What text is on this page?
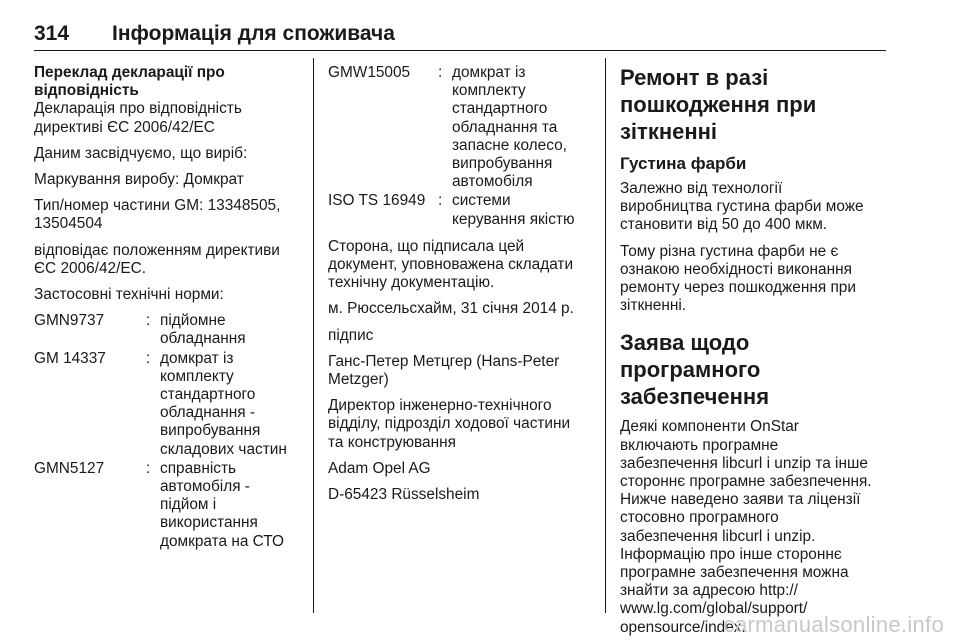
314 Інформація для споживача
Переклад декларації про
відповідність
Декларація про відповідність
директиві ЄС 2006/42/EC
Даним засвідчуємо, що виріб:
Маркування виробу: Домкрат
Тип/номер частини GM: 13348505,
13504504
відповідає положенням директиви
ЄС 2006/42/EC.
Застосовні технічні норми:
GMN9737	: підйомне
обладнання
GM 14337	: домкрат із
комплекту
стандартного
обладнання -
випробування
складових частин
GMN5127	: справність
автомобіля -
підйом і
використання
домкрата на СТО
GMW15005	: домкрат із
комплекту
стандартного
обладнання та
запасне колесо,
випробування
автомобіля
ISO TS 16949 : системи
керування якістю
Сторона, що підписала цей
документ, уповноважена складати
технічну документацію.
м. Рюссельсхайм, 31 січня 2014 р.
підпис
Ганс-Петер Метцгер (Hans-Peter
Metzger)
Директор інженерно-технічного
відділу, підрозділ ходової частини
та конструювання
Adam Opel AG
D-65423 Rüsselsheim
Ремонт в разі
пошкодження при
зіткненні
Густина фарби
Залежно від технології
виробництва густина фарби може
становити від 50 до 400 мкм.
Тому різна густина фарби не є
ознакою необхідності виконання
ремонту через пошкодження при
зіткненні.
Заява щодо програмного
забезпечення
Деякі компоненти OnStar
включають програмне
забезпечення libcurl і unzip та інше
стороннє програмне забезпечення.
Нижче наведено заяви та ліцензії
стосовно програмного
забезпечення libcurl і unzip.
Інформацію про інше стороннє
програмне забезпечення можна
знайти за адресою http://
www.lg.com/global/support/
opensource/index.
carmanualsonline.info
